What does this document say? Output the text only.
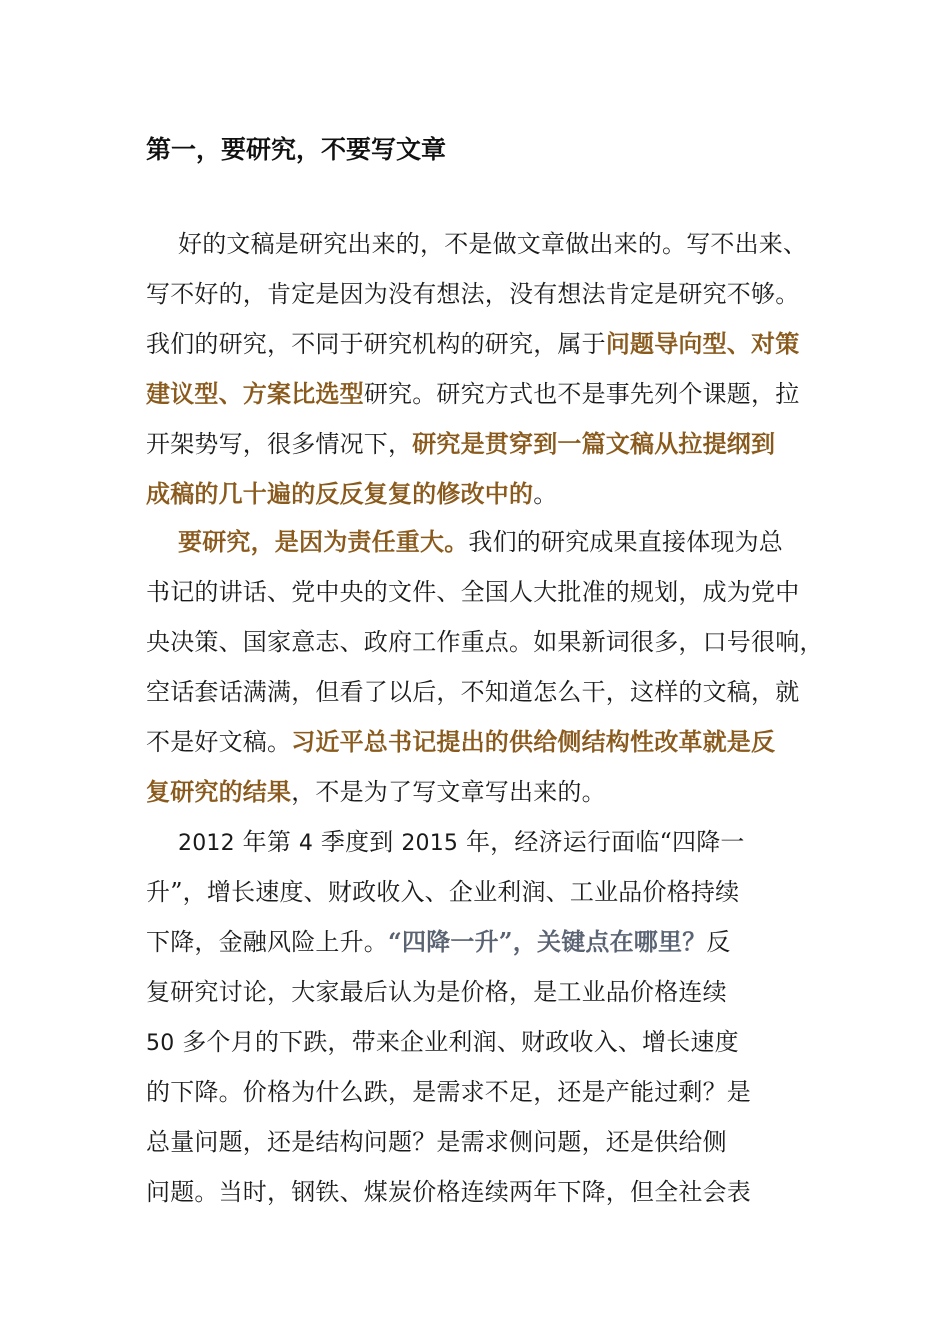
第一，要研究，不要写文章

好的文稿是研究出来的，不是做文章做出来的。写不出来、

写不好的，肯定是因为没有想法，没有想法肯定是研究不够。

我们的研究，不同于研究机构的研究，属于问题导向型、对策

建议型、方案比选型研究。研究方式也不是事先列个课题，拉

开架势写，很多情况下，研究是贯穿到一篇文稿从拉提纲到

成稿的几十遍的反反复复的修改中的。

要研究，是因为责任重大。我们的研究成果直接体现为总

书记的讲话、党中央的文件、全国人大批准的规划，成为党中

央决策、国家意志、政府工作重点。如果新词很多，口号很响，

空话套话满满，但看了以后，不知道怎么干，这样的文稿，就

不是好文稿。习近平总书记提出的供给侧结构性改革就是反

复研究的结果，不是为了写文章写出来的。

2012 年第 4 季度到 2015 年，经济运行面临“四降一

升”，增长速度、财政收入、企业利润、工业品价格持续

下降，金融风险上升。“四降一升”，关键点在哪里？反

复研究讨论，大家最后认为是价格，是工业品价格连续

50 多个月的下跌，带来企业利润、财政收入、增长速度

的下降。价格为什么跌，是需求不足，还是产能过剩？是

总量问题，还是结构问题？是需求侧问题，还是供给侧

问题。当时，钢铁、煤炭价格连续两年下降，但全社会表
